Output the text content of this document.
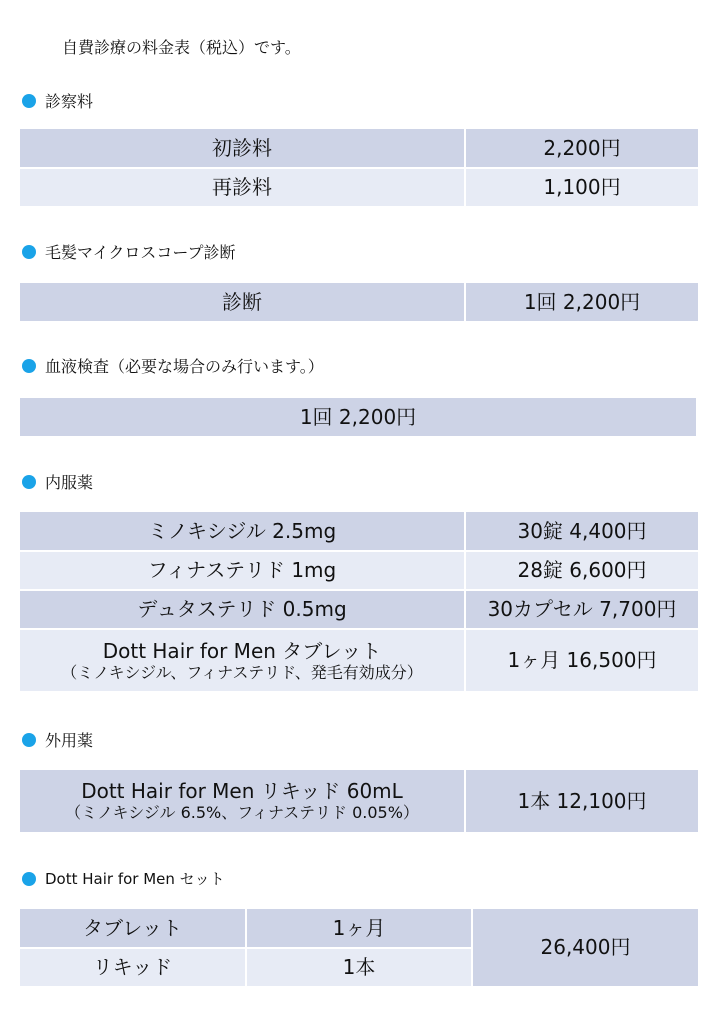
自費診療の料金表（税込）です。
診察料
初診料	2,200円
再診料	1,100円
毛髪マイクロスコープ診断
診断	1回 2,200円
血液検査（必要な場合のみ行います。）
1回 2,200円
内服薬
ミノキシジル 2.5mg	30錠 4,400円
フィナステリド 1mg	28錠 6,600円
デュタステリド 0.5mg	30カプセル 7,700円

Dott Hair for Men タブレット
（ミノキシジル、フィナステリド、発毛有効成分）	1ヶ月 16,500円
外用薬
Dott Hair for Men リキッド 60mL
（ミノキシジル 6.5%、フィナステリド 0.05%）
	1本 12,100円
Dott Hair for Men セット
タブレット	1ヶ月	26,400円
リキッド	1本	
